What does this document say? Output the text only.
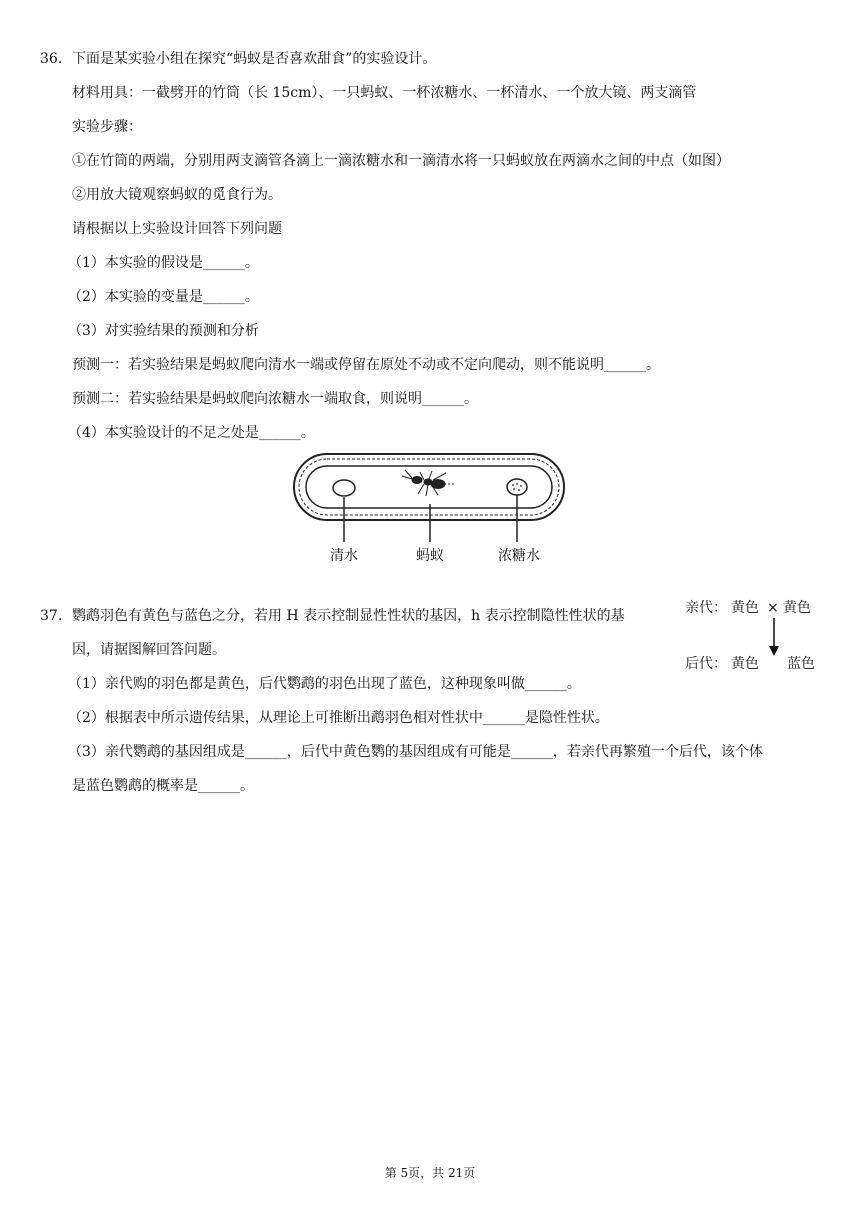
36. 下面是某实验小组在探究“蚂蚁是否喜欢甜食”的实验设计。
材料用具：一截劈开的竹筒（长 15cm）、一只蚂蚁、一杯浓糖水、一杯清水、一个放大镜、两支滴管
实验步骤：
①在竹筒的两端，分别用两支滴管各滴上一滴浓糖水和一滴清水将一只蚂蚁放在两滴水之间的中点（如图）
②用放大镜观察蚂蚁的觅食行为。
请根据以上实验设计回答下列问题
（1）本实验的假设是______。
（2）本实验的变量是______。
（3）对实验结果的预测和分析
预测一：若实验结果是蚂蚁爬向清水一端或停留在原处不动或不定向爬动，则不能说明______。
预测二：若实验结果是蚂蚁爬向浓糖水一端取食，则说明______。
（4）本实验设计的不足之处是______。
清水	蚂蚁	浓糖水
37. 鹦鹉羽色有黄色与蓝色之分，若用 H 表示控制显性性状的基因，h 表示控制隐性性状的基
因，请据图解回答问题。
（1）亲代购的羽色都是黄色，后代鹦鹉的羽色出现了蓝色，这种现象叫做______。
（2）根据表中所示遗传结果，从理论上可推断出鹉羽色相对性状中______是隐性性状。
（3）亲代鹦鹉的基因组成是______，后代中黄色鹦的基因组成有可能是______，若亲代再繁殖一个后代，该个体
是蓝色鹦鹉的概率是______。
亲代： 黄色 × 黄色
后代： 黄色 蓝色
第 5页，共 21页
